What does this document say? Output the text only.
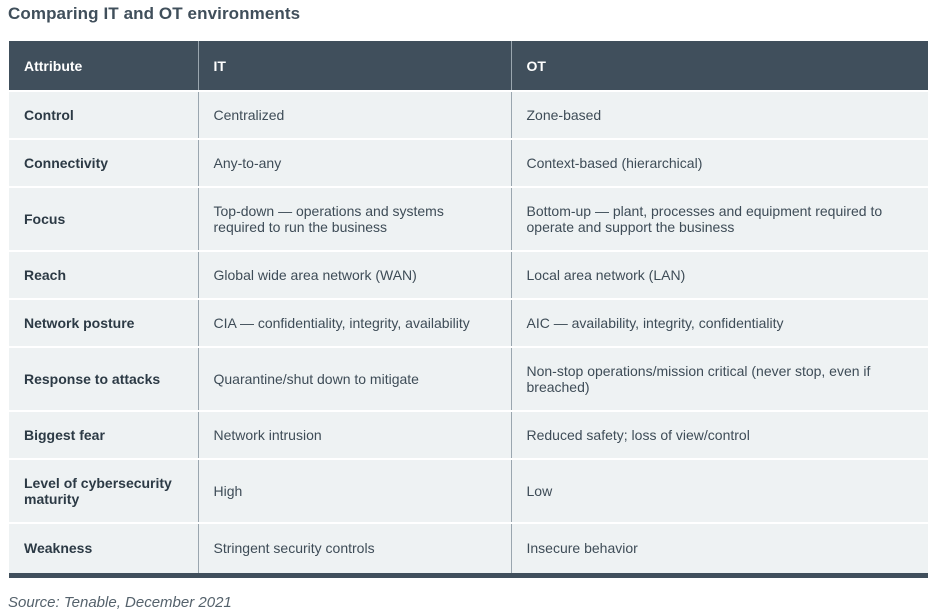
Comparing IT and OT environments
Attribute	IT	OT
Control	Centralized	Zone-based
Connectivity	Any-to-any	Context-based (hierarchical)
Focus	Top-down — operations and systems required to run the business	Bottom-up — plant, processes and equipment required to operate and support the business
Reach	Global wide area network (WAN)	Local area network (LAN)
Network posture	CIA — confidentiality, integrity, availability	AIC — availability, integrity, confidentiality
Response to attacks	Quarantine/shut down to mitigate	Non-stop operations/mission critical (never stop, even if breached)
Biggest fear	Network intrusion	Reduced safety; loss of view/control
Level of cybersecurity maturity	High	Low
Weakness	Stringent security controls	Insecure behavior
Source: Tenable, December 2021
